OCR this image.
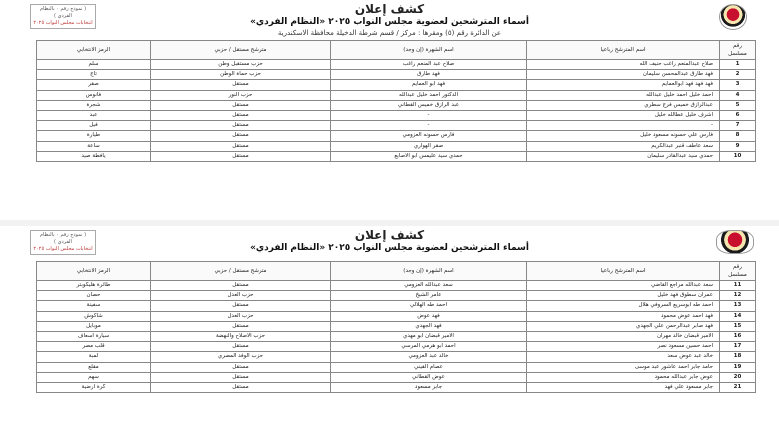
كشف إعلان
أسماء المترشحين لعضوية مجلس النواب ٢٠٢٥ «النظام الفردي»
عن الدائرة رقم (٥) ومقرها : مركز / قسم شرطة الدخيلة محافظة الاسكندرية
( نموذج رقم ٠ بالنظام الفردي )
انتخابات مجلس النواب ٢٠٢٥
رقم مسلسل	اسم المترشح رباعيا	اسم الشهرة (إن وجد)	مترشح مستقل / حزبي	الرمز الانتخابي
1	صلاح عبدالمنعم راغب حنيف الله	صلاح عبد المنعم راغب	حزب مستقبل وطن	سلم
2	فهد طارق عبدالمحسن سليمان	فهد طارق	حزب حماة الوطن	تاج
3	فهد فهد فهد ابوالعمايم	فهد ابو العمايم	مستقل	صقر
4	احمد خليل احمد خليل عبدالله	الدكتور احمد خليل عبدالله	حزب النور	فانوس
5	عبدالرازق خميس فرج سطري	عبد الرازق خميس القطاني	مستقل	شجرة
6	اشرف خليل عطالله خليل	-	مستقل	عبد
7	-	-	مستقل	فيل
8	فارس علي حسونه مسعود خليل	فارس حسونه العزومي	مستقل	طيارة
9	سعد عاطف قنبر عبدالكريم	صقر الهواري	مستقل	ساعة
10	حمدي سيد عبدالقادر سليمان	حمدي سيد عليمس ابو الاصابع	مستقل	يافطة صيد
كشف إعلان
أسماء المترشحين لعضوية مجلس النواب ٢٠٢٥ «النظام الفردي»
( نموذج رقم ٠ بالنظام الفردي )
انتخابات مجلس النواب ٢٠٢٥
رقم مسلسل	اسم المترشح رباعيا	اسم الشهرة (إن وجد)	مترشح مستقل / حزبي	الرمز الانتخابي
11	سعد عبدالله مراجع القاضي	سعد عبدالله العزومي	مستقل	طائرة هليكوبتر
12	عمران سطوق فهد خليل	عامر الشيخ	حزب العدل	حصان
13	احمد طه ابوسريع السروفي هلال	احمد طه الهلالي	مستقل	سفينة
14	فهد احمد عوض محمود	فهد عوض	حزب العدل	شاكوش
15	فهد صابر عبدالرحمن علي الجهدي	فهد الجهدي	مستقل	موبايل
16	الامير قبضان خالد مهران	الامير قبضان ابو مهدي	حزب الاصلاح والنهضة	سيارة اسعاف
17	احمد حسين مسعود نصر	احمد ابو هرمي المرسي	مستقل	قلب مصر
18	خالد عبد عوض سعد	خالد عبد العزومي	حزب الوفد المصري	لمبة
19	حامد جابر احمد عاشور عبد موسى	عصام القيني	مستقل	مقلع
20	عوض جابر عبدالله محمود	عوض القطاني	مستقل	سهم
21	جابر مسعود علي فهد	جابر مسعود	مستقل	كرة ارضية
